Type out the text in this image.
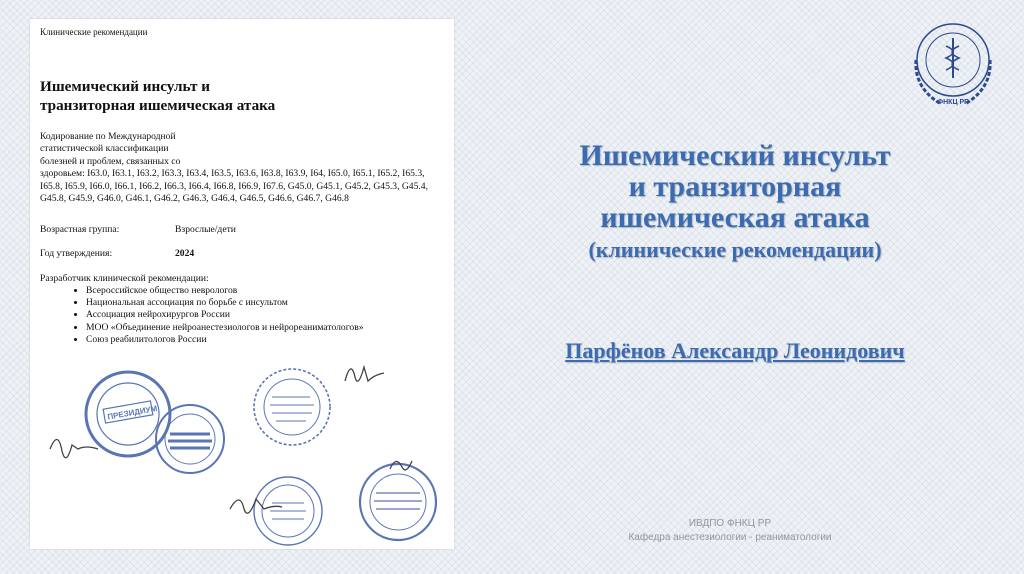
Клинические рекомендации
Ишемический инсульт и
транзиторная ишемическая атака
Кодирование по Международной
статистической классификации
болезней и проблем, связанных со
здоровьем: I63.0, I63.1, I63.2, I63.3, I63.4, I63.5, I63.6, I63.8, I63.9, I64, I65.0, I65.1, I65.2, I65.3,
I65.8, I65.9, I66.0, I66.1, I66.2, I66.3, I66.4, I66.8, I66.9, I67.6, G45.0, G45.1, G45.2, G45.3, G45.4,
G45.8, G45.9, G46.0, G46.1, G46.2, G46.3, G46.4, G46.5, G46.6, G46.7, G46.8
Возрастная группа:	Взрослые/дети
Год утверждения:	2024
Разработчик клинической рекомендации:
• Всероссийское общество неврологов
• Национальная ассоциация по борьбе с инсультом
• Ассоциация нейрохирургов России
• МОО «Объединение нейроанестезиологов и нейрореаниматологов»
• Союз реабилитологов России
ПРЕЗИДИУМ
Ишемический инсульт
и транзиторная
ишемическая атака
(клинические рекомендации)
Парфёнов Александр Леонидович
ИВДПО ФНКЦ РР
Кафедра анестезиологии - реаниматологии
ФНКЦ РР
